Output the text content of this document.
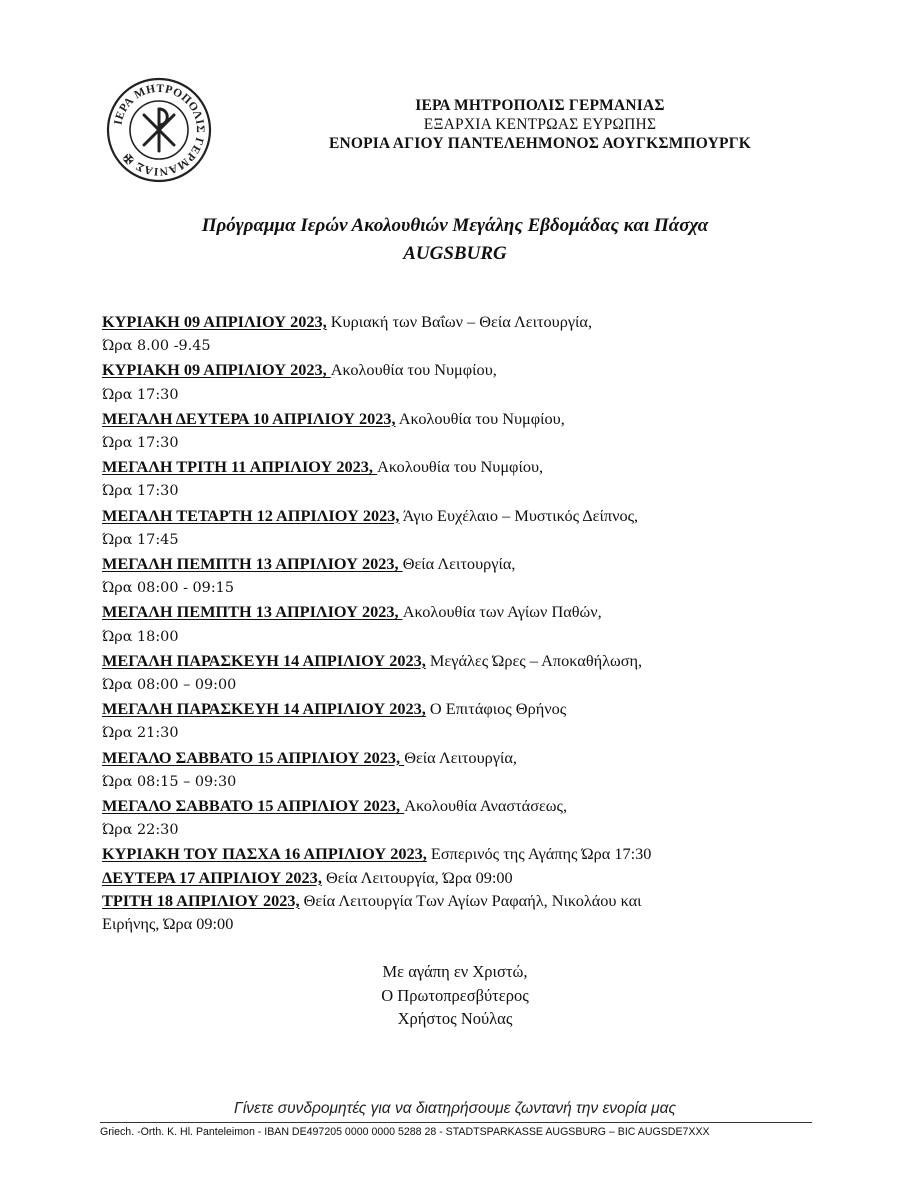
ΙΕΡΑ ΜΗΤΡΟΠΟΛΙΣ ΓΕΡΜΑΝΙΑΣ ✠
ΙΕΡΑ ΜΗΤΡΟΠΟΛΙΣ ΓΕΡΜΑΝΙΑΣ
ΕΞΑΡΧΙΑ ΚΕΝΤΡΩΑΣ ΕΥΡΩΠΗΣ
ΕΝΟΡΙΑ ΑΓΙΟΥ ΠΑΝΤΕΛΕΗΜΟΝΟΣ ΑΟΥΓΚΣΜΠΟΥΡΓΚ
Πρόγραμμα Ιερών Ακολουθιών Μεγάλης Εβδομάδας και Πάσχα
AUGSBURG
ΚΥΡΙΑΚΗ 09 ΑΠΡΙΛΙΟΥ 2023, Κυριακή των Βαΐων – Θεία Λειτουργία,
Ώρα 8.00 -9.45
ΚΥΡΙΑΚΗ 09 ΑΠΡΙΛΙΟΥ 2023, Ακολουθία του Νυμφίου,
Ώρα 17:30
ΜΕΓΑΛΗ ΔΕΥΤΕΡΑ 10 ΑΠΡΙΛΙΟΥ 2023, Ακολουθία του Νυμφίου,
Ώρα 17:30
ΜΕΓΑΛΗ ΤΡΙΤΗ 11 ΑΠΡΙΛΙΟΥ 2023, Ακολουθία του Νυμφίου,
Ώρα 17:30
ΜΕΓΑΛΗ ΤΕΤΑΡΤΗ 12 ΑΠΡΙΛΙΟΥ 2023, Άγιο Ευχέλαιο – Μυστικός Δείπνος,
Ώρα 17:45
ΜΕΓΑΛΗ ΠΕΜΠΤΗ 13 ΑΠΡΙΛΙΟΥ 2023, Θεία Λειτουργία,
Ώρα 08:00 - 09:15
ΜΕΓΑΛΗ ΠΕΜΠΤΗ 13 ΑΠΡΙΛΙΟΥ 2023, Ακολουθία των Αγίων Παθών,
Ώρα 18:00
ΜΕΓΑΛΗ ΠΑΡΑΣΚΕΥΗ 14 ΑΠΡΙΛΙΟΥ 2023, Μεγάλες Ώρες – Αποκαθήλωση,
Ώρα 08:00 – 09:00
ΜΕΓΑΛΗ ΠΑΡΑΣΚΕΥΗ 14 ΑΠΡΙΛΙΟΥ 2023, Ο Επιτάφιος Θρήνος
Ώρα 21:30
ΜΕΓΑΛΟ ΣΑΒΒΑΤΟ 15 ΑΠΡΙΛΙΟΥ 2023, Θεία Λειτουργία,
Ώρα 08:15 – 09:30
ΜΕΓΑΛΟ ΣΑΒΒΑΤΟ 15 ΑΠΡΙΛΙΟΥ 2023, Ακολουθία Αναστάσεως,
Ώρα 22:30
ΚΥΡΙΑΚΗ ΤΟΥ ΠΑΣΧΑ 16 ΑΠΡΙΛΙΟΥ 2023, Εσπερινός της Αγάπης Ώρα 17:30
ΔΕΥΤΕΡΑ 17 ΑΠΡΙΛΙΟΥ 2023, Θεία Λειτουργία, Ώρα 09:00
ΤΡΙΤΗ 18 ΑΠΡΙΛΙΟΥ 2023, Θεία Λειτουργία Των Αγίων Ραφαήλ, Νικολάου και
Ειρήνης, Ώρα 09:00
Με αγάπη εν Χριστώ,
Ο Πρωτοπρεσβύτερος
Χρήστος Νούλας
Γίνετε συνδρομητές για να διατηρήσουμε ζωντανή την ενορία μας
Griech. -Orth. K. Hl. Panteleimon - IBAN DE497205 0000 0000 5288 28 - STADTSPARKASSE AUGSBURG – BIC AUGSDE7XXX
